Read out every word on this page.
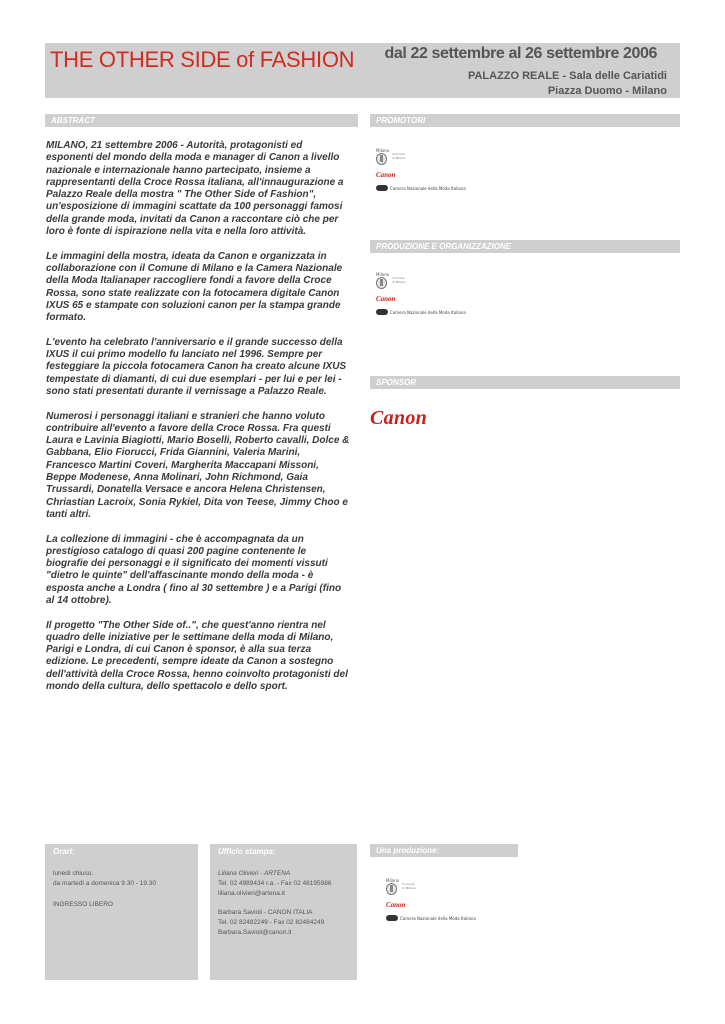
THE OTHER SIDE of FASHION dal 22 settembre al 26 settembre 2006
PALAZZO REALE - Sala delle Cariatidi
Piazza Duomo - Milano
ABSTRACT	PROMOTORI
PRODUZIONE E ORGANIZZAZIONE
SPONSOR

MILANO, 21 settembre 2006 - Autorità, protagonisti ed esponenti del mondo della moda e manager di Canon a livello nazionale e internazionale hanno partecipato, insieme a rappresentanti della Croce Rossa italiana, all'innaugurazione a Palazzo Reale della mostra " The Other Side of Fashion", un'esposizione di immagini scattate da 100 personaggi famosi della grande moda, invitati da Canon a raccontare ciò che per loro è fonte di ispirazione nella vita e nella loro attività.

Le immagini della mostra, ideata da Canon e organizzata in collaborazione con il Comune di Milano e la Camera Nazionale della Moda Italianaper raccogliere fondi a favore della Croce Rossa, sono state realizzate con la fotocamera digitale Canon IXUS 65 e stampate con soluzioni canon per la stampa grande formato.

L'evento ha celebrato l'anniversario e il grande successo della IXUS il cui primo modello fu lanciato nel 1996. Sempre per festeggiare la piccola fotocamera Canon ha creato alcune IXUS tempestate di diamanti, di cui due esemplari - per lui e per lei - sono stati presentati durante il vernissage a Palazzo Reale.

Numerosi i personaggi italiani e stranieri che hanno voluto contribuire all'evento a favore della Croce Rossa. Fra questi Laura e Lavinia Biagiotti, Mario Boselli, Roberto cavalli, Dolce & Gabbana, Elio Fiorucci, Frida Giannini, Valeria Marini, Francesco Martini Coveri, Margherita Maccapani Missoni, Beppe Modenese, Anna Molinari, John Richmond, Gaia Trussardi, Donatella Versace e ancora Helena Christensen, Chriastian Lacroix, Sonia Rykiel, Dita von Teese, Jimmy Choo e tanti altri.

La collezione di immagini - che è accompagnata da un prestigioso catalogo di quasi 200 pagine contenente le biografie dei personaggi e il significato dei momenti vissuti "dietro le quinte" dell'affascinante mondo della moda - è esposta anche a Londra ( fino al 30 settembre ) e a Parigi (fino al 14 ottobre).

Il progetto "The Other Side of..", che quest'anno rientra nel quadro delle iniziative per le settimane della moda di Milano, Parigi e Londra, di cui Canon è sponsor, è alla sua terza edizione. Le precedenti, sempre ideate da Canon a sostegno dell'attività della Croce Rossa, henno coinvolto protagonisti del mondo della cultura, dello spettacolo e dello sport.

Milano
Comune di Milano
Canon
Camera Nazionale della Moda Italiana
Milano
Comune di Milano
Canon
Camera Nazionale della Moda Italiana
Canon
Orari:
lunedì chiuso.
da martedì a domenica 9.30 - 19.30
INGRESSO LIBERO
Ufficio stampa:
Liliana Olivieri - ARTENA
Tel. 02 4989434 r.a. - Fax 02 48195986
liliana.olivieri@artena.it
Barbara Savioli - CANON ITALIA
Tel. 02 82482249 - Fax 02 82484249
Barbara.Savioli@canon.it
Una produzione:
Milano
Comune di Milano
Canon
Camera Nazionale della Moda Italiana
